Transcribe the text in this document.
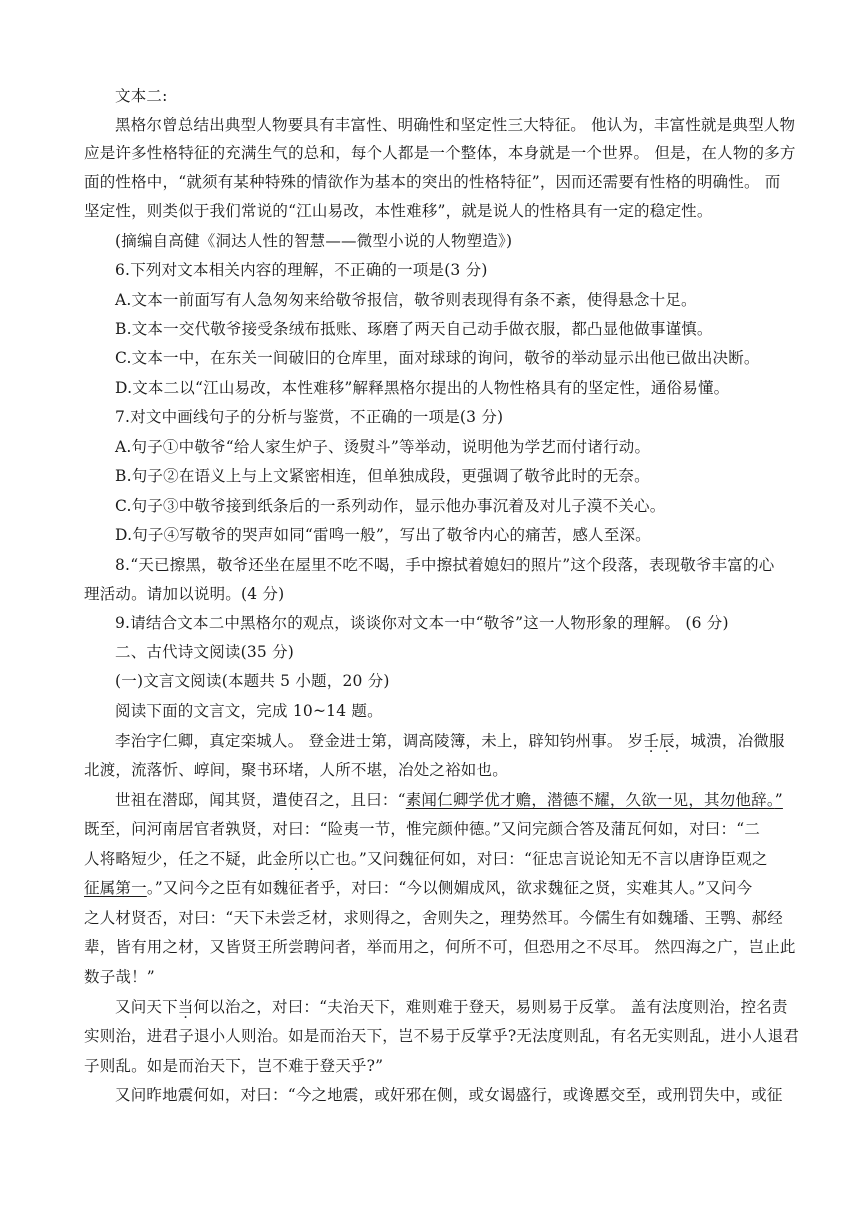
文本二:
黑格尔曾总结出典型人物要具有丰富性、明确性和坚定性三大特征。 他认为，丰富性就是典型人物
应是许多性格特征的充满生气的总和，每个人都是一个整体，本身就是一个世界。 但是，在人物的多方
面的性格中，“就须有某种特殊的情欲作为基本的突出的性格特征”，因而还需要有性格的明确性。 而
坚定性，则类似于我们常说的“江山易改，本性难移”，就是说人的性格具有一定的稳定性。
(摘编自高健《洞达人性的智慧——微型小说的人物塑造》)
6.下列对文本相关内容的理解，不正确的一项是(3 分)
A.文本一前面写有人急匆匆来给敬爷报信，敬爷则表现得有条不紊，使得悬念十足。
B.文本一交代敬爷接受条绒布抵账、琢磨了两天自己动手做衣服，都凸显他做事谨慎。
C.文本一中，在东关一间破旧的仓库里，面对球球的询问，敬爷的举动显示出他已做出决断。
D.文本二以“江山易改，本性难移”解释黑格尔提出的人物性格具有的坚定性，通俗易懂。
7.对文中画线句子的分析与鉴赏，不正确的一项是(3 分)
A.句子①中敬爷“给人家生炉子、烫熨斗”等举动，说明他为学艺而付诸行动。
B.句子②在语义上与上文紧密相连，但单独成段，更强调了敬爷此时的无奈。
C.句子③中敬爷接到纸条后的一系列动作，显示他办事沉着及对儿子漠不关心。
D.句子④写敬爷的哭声如同“雷鸣一般”，写出了敬爷内心的痛苦，感人至深。
8.“天已擦黑，敬爷还坐在屋里不吃不喝，手中擦拭着媳妇的照片”这个段落，表现敬爷丰富的心
理活动。请加以说明。(4 分)
9.请结合文本二中黑格尔的观点，谈谈你对文本一中“敬爷”这一人物形象的理解。 (6 分)
二、古代诗文阅读(35 分)
(一)文言文阅读(本题共 5 小题，20 分)
阅读下面的文言文，完成 10~14 题。
李治字仁卿，真定栾城人。 登金进士第，调高陵簿，未上，辟知钧州事。 岁壬辰，城溃，冶微服
北渡，流落忻、崞间，聚书环堵，人所不堪，冶处之裕如也。
世祖在潜邸，闻其贤，遣使召之，且曰：“素闻仁卿学优才赡，潜德不耀，久欲一见，其勿他辞。”
既至，问河南居官者孰贤，对曰：“险夷一节，惟完颜仲德。”又问完颜合答及蒲瓦何如，对曰：“二
人将略短少，任之不疑，此金所以亡也。”又问魏征何如，对曰：“征忠言说论知无不言以唐诤臣观之
征属第一。”又问今之臣有如魏征者乎，对曰：“今以侧媚成风，欲求魏征之贤，实难其人。”又问今
之人材贤否，对曰：“天下未尝乏材，求则得之，舍则失之，理势然耳。今儒生有如魏璠、王鹗、郝经
辈，皆有用之材，又皆贤王所尝聘问者，举而用之，何所不可，但恐用之不尽耳。 然四海之广，岂止此
数子哉！”
又问天下当何以治之，对曰：“夫治天下，难则难于登天，易则易于反掌。 盖有法度则治，控名责
实则治，进君子退小人则治。如是而治天下，岂不易于反掌乎?无法度则乱，有名无实则乱，进小人退君
子则乱。如是而治天下，岂不难于登天乎?”
又问昨地震何如，对曰：“今之地震，或奸邪在侧，或女谒盛行，或谗慝交至，或刑罚失中，或征
